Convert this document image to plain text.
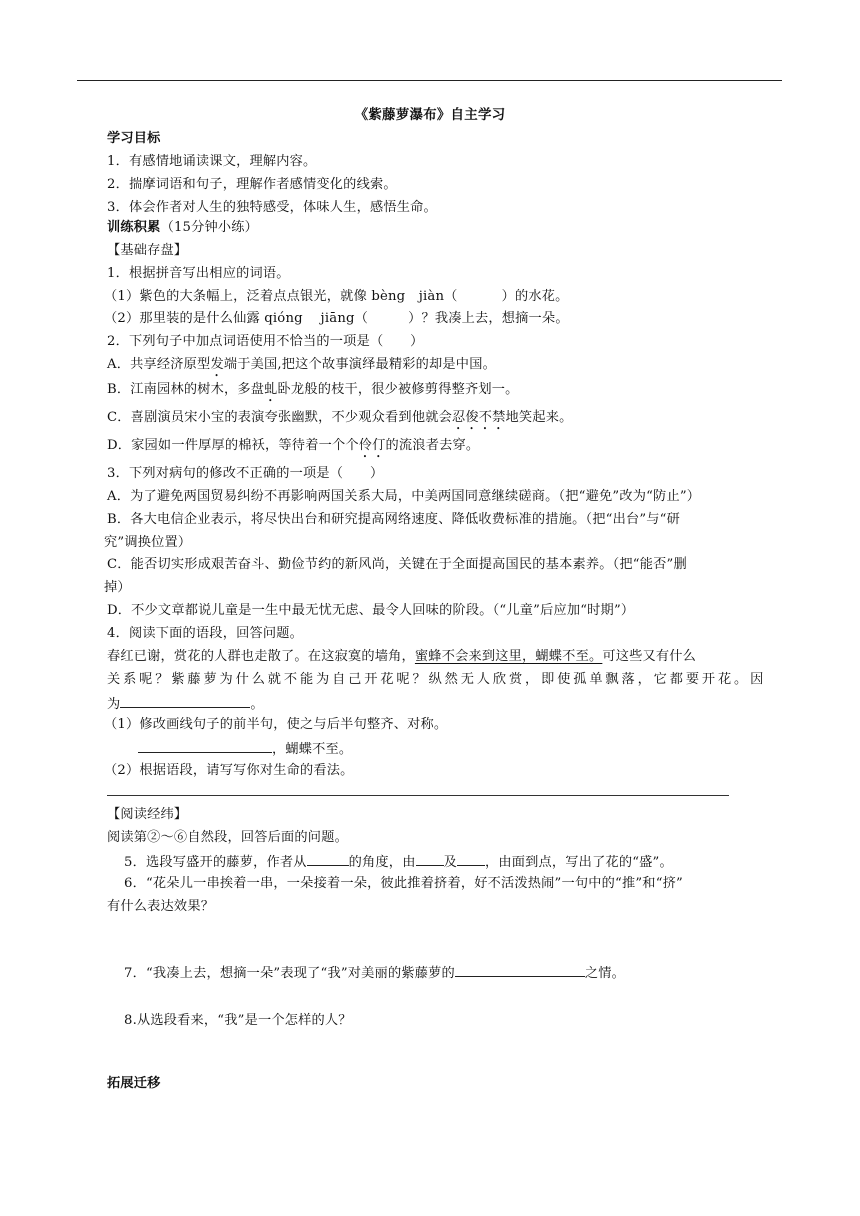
《紫藤萝瀑布》自主学习
学习目标
1．有感情地诵读课文，理解内容。
2．揣摩词语和句子，理解作者感情变化的线索。
3．体会作者对人生的独特感受，体味人生，感悟生命。
训练积累（15分钟小练）
【基础存盘】
1．根据拼音写出相应的词语。
（1）紫色的大条幅上，泛着点点银光，就像 bèng　jiàn（	）的水花。
（2）那里装的是什么仙露 qióng　 jiāng（	）？我凑上去，想摘一朵。
2．下列句子中加点词语使用不恰当的一项是（　　）
A．共享经济原型发端于美国,把这个故事演绎最精彩的却是中国。
B．江南园林的树木，多盘虬卧龙般的枝干，很少被修剪得整齐划一。
C．喜剧演员宋小宝的表演夸张幽默，不少观众看到他就会忍俊不禁地笑起来。
D．家园如一件厚厚的棉袄，等待着一个个伶仃的流浪者去穿。
3．下列对病句的修改不正确的一项是（　　）
A．为了避免两国贸易纠纷不再影响两国关系大局，中美两国同意继续磋商。（把“避免”改为“防止”）
B．各大电信企业表示，将尽快出台和研究提高网络速度、降低收费标准的措施。（把“出台”与“研
究”调换位置）
C．能否切实形成艰苦奋斗、勤俭节约的新风尚，关键在于全面提高国民的基本素养。（把“能否”删
掉）
D．不少文章都说儿童是一生中最无忧无虑、最令人回味的阶段。（“儿童”后应加“时期”）
4．阅读下面的语段，回答问题。
春红已谢，赏花的人群也走散了。在这寂寞的墙角，蜜蜂不会来到这里，蝴蝶不至。可这些又有什么
关 系 呢 ？ 紫 藤 萝 为 什 么 就 不 能 为 自 己 开 花 呢 ？ 纵 然 无 人 欣 赏 ， 即 使 孤 单 飘 落 ， 它 都 要 开 花 。 因
为	。
（1）修改画线句子的前半句，使之与后半句整齐、对称。
，蝴蝶不至。
（2）根据语段，请写写你对生命的看法。
【阅读经纬】
阅读第②～⑥自然段，回答后面的问题。
5．选段写盛开的藤萝，作者从	的角度，由 及 ，由面到点，写出了花的“盛”。
6．“花朵儿一串挨着一串，一朵接着一朵，彼此推着挤着，好不活泼热闹”一句中的“推”和“挤”
有什么表达效果？
7．“我凑上去，想摘一朵”表现了“我”对美丽的紫藤萝的	之情。
8.从选段看来，“我”是一个怎样的人？
拓展迁移
